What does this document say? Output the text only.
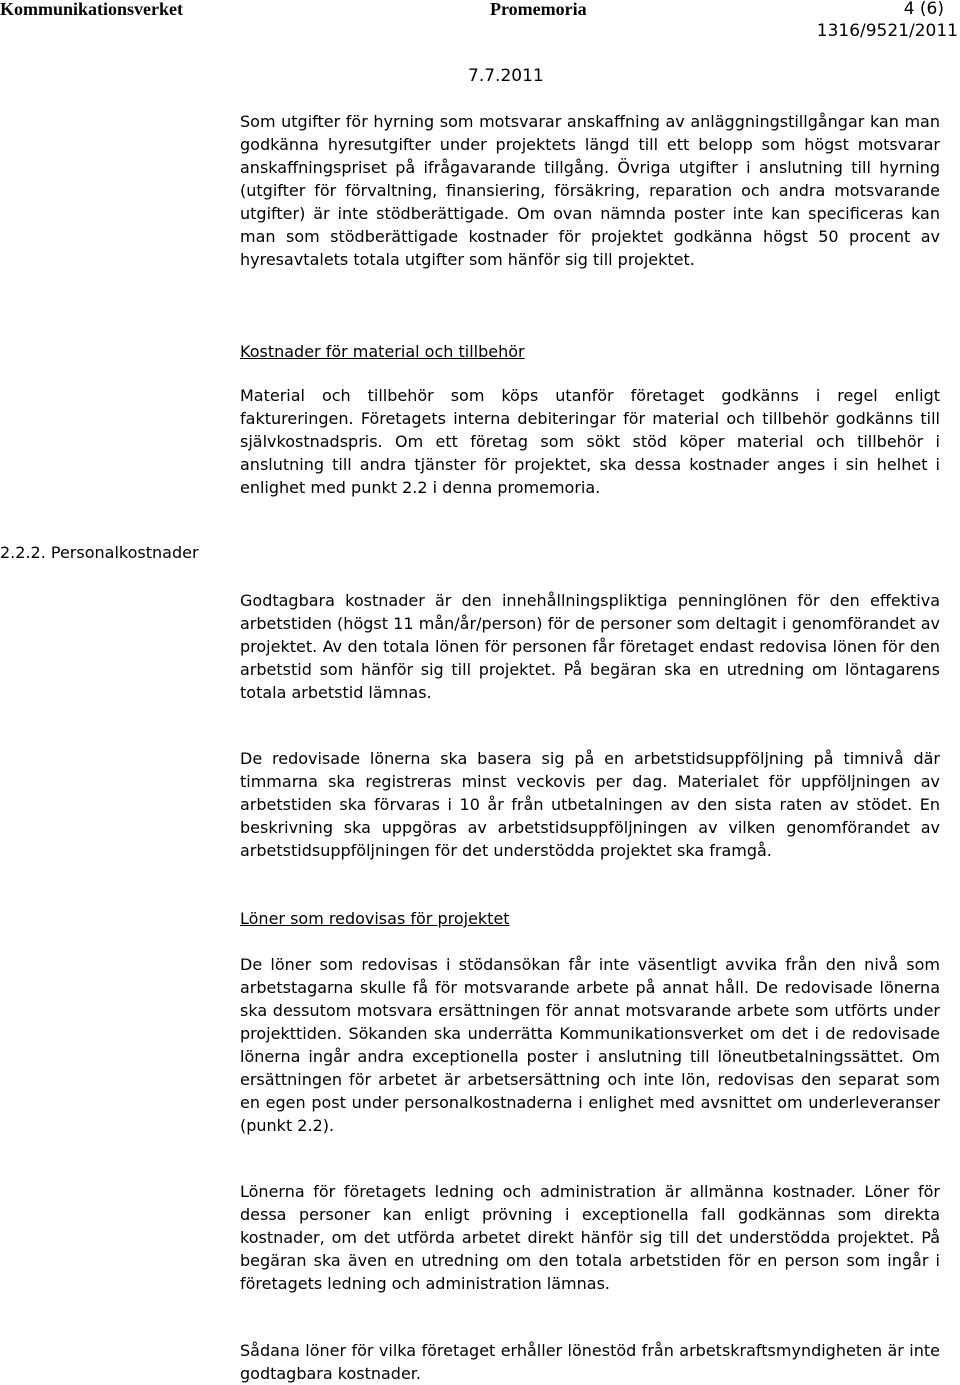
Kommunikationsverket	Promemoria	4 (6)
1316/9521/2011
7.7.2011

Som utgifter för hyrning som motsvarar anskaffning av anläggningstillgångar kan man godkänna hyresutgifter under projektets längd till ett belopp som högst motsvarar anskaffningspriset på ifrågavarande tillgång. Övriga utgifter i anslutning till hyrning (utgifter för förvaltning, finansiering, försäkring, reparation och andra motsvarande utgifter) är inte stödberättigade. Om ovan nämnda poster inte kan specificeras kan man som stödberättigade kostnader för projektet godkänna högst 50 procent av hyresavtalets totala utgifter som hänför sig till projektet.

Kostnader för material och tillbehör

Material och tillbehör som köps utanför företaget godkänns i regel enligt faktureringen. Företagets interna debiteringar för material och tillbehör godkänns till självkostnadspris. Om ett företag som sökt stöd köper material och tillbehör i anslutning till andra tjänster för projektet, ska dessa kostnader anges i sin helhet i enlighet med punkt 2.2 i denna promemoria.

2.2.2. Personalkostnader

Godtagbara kostnader är den innehållningspliktiga penninglönen för den effektiva arbetstiden (högst 11 mån/år/person) för de personer som deltagit i genomförandet av projektet. Av den totala lönen för personen får företaget endast redovisa lönen för den arbetstid som hänför sig till projektet. På begäran ska en utredning om löntagarens totala arbetstid lämnas.

De redovisade lönerna ska basera sig på en arbetstidsuppföljning på timnivå där timmarna ska registreras minst veckovis per dag. Materialet för uppföljningen av arbetstiden ska förvaras i 10 år från utbetalningen av den sista raten av stödet. En beskrivning ska uppgöras av arbetstidsuppföljningen av vilken genomförandet av arbetstidsuppföljningen för det understödda projektet ska framgå.

Löner som redovisas för projektet

De löner som redovisas i stödansökan får inte väsentligt avvika från den nivå som arbetstagarna skulle få för motsvarande arbete på annat håll. De redovisade lönerna ska dessutom motsvara ersättningen för annat motsvarande arbete som utförts under projekttiden. Sökanden ska underrätta Kommunikationsverket om det i de redovisade lönerna ingår andra exceptionella poster i anslutning till löneutbetalningssättet. Om ersättningen för arbetet är arbetsersättning och inte lön, redovisas den separat som en egen post under personalkostnaderna i enlighet med avsnittet om underleveranser (punkt 2.2).

Lönerna för företagets ledning och administration är allmänna kostnader. Löner för dessa personer kan enligt prövning i exceptionella fall godkännas som direkta kostnader, om det utförda arbetet direkt hänför sig till det understödda projektet. På begäran ska även en utredning om den totala arbetstiden för en person som ingår i företagets ledning och administration lämnas.

Sådana löner för vilka företaget erhåller lönestöd från arbetskraftsmyndigheten är inte godtagbara kostnader.
